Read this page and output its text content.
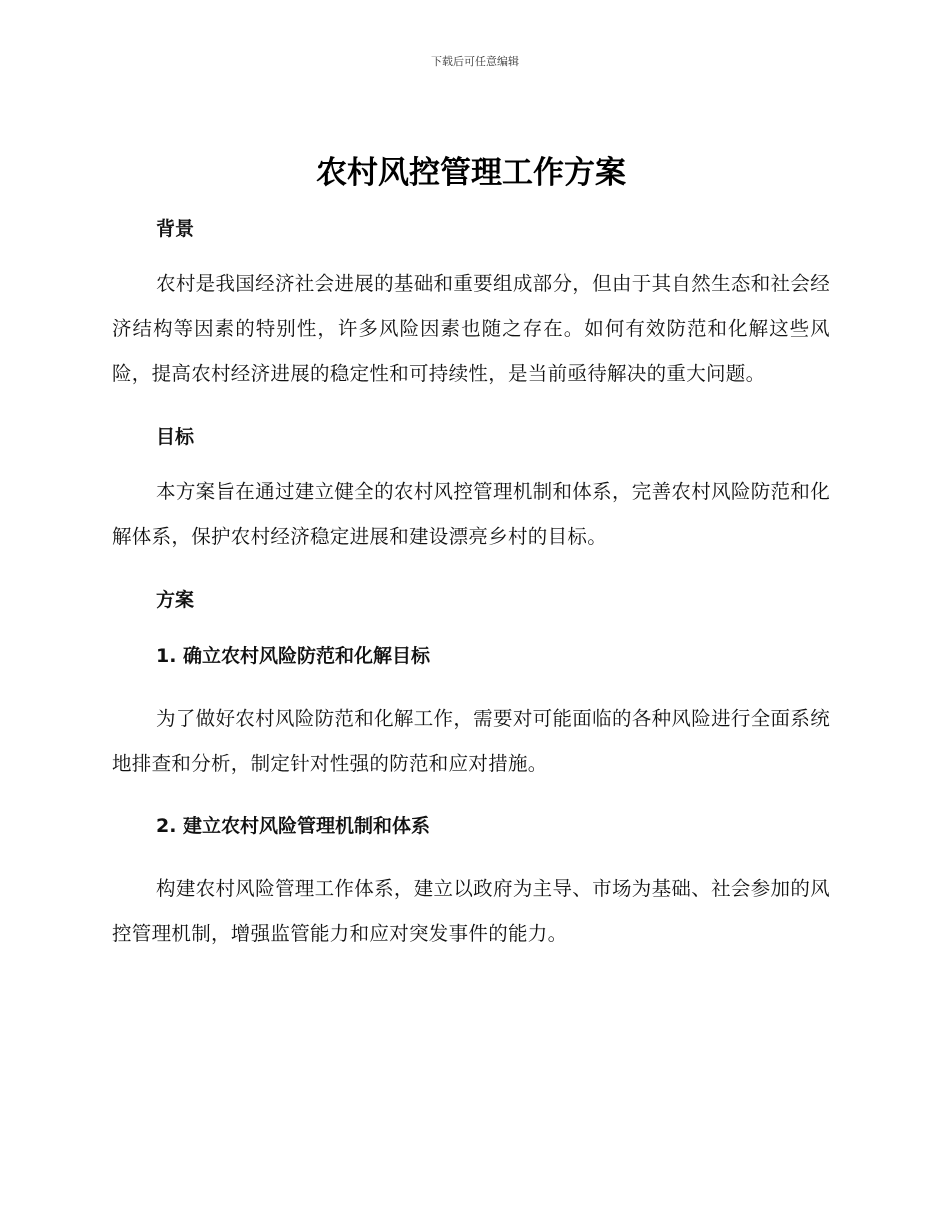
下载后可任意编辑
农村风控管理工作方案
背景

农村是我国经济社会进展的基础和重要组成部分，但由于其自然生态和社会经济结构等因素的特别性，许多风险因素也随之存在。如何有效防范和化解这些风险，提高农村经济进展的稳定性和可持续性，是当前亟待解决的重大问题。

目标

本方案旨在通过建立健全的农村风控管理机制和体系，完善农村风险防范和化解体系，保护农村经济稳定进展和建设漂亮乡村的目标。

方案
1. 确立农村风险防范和化解目标

为了做好农村风险防范和化解工作，需要对可能面临的各种风险进行全面系统地排查和分析，制定针对性强的防范和应对措施。

2. 建立农村风险管理机制和体系

构建农村风险管理工作体系，建立以政府为主导、市场为基础、社会参加的风控管理机制，增强监管能力和应对突发事件的能力。
